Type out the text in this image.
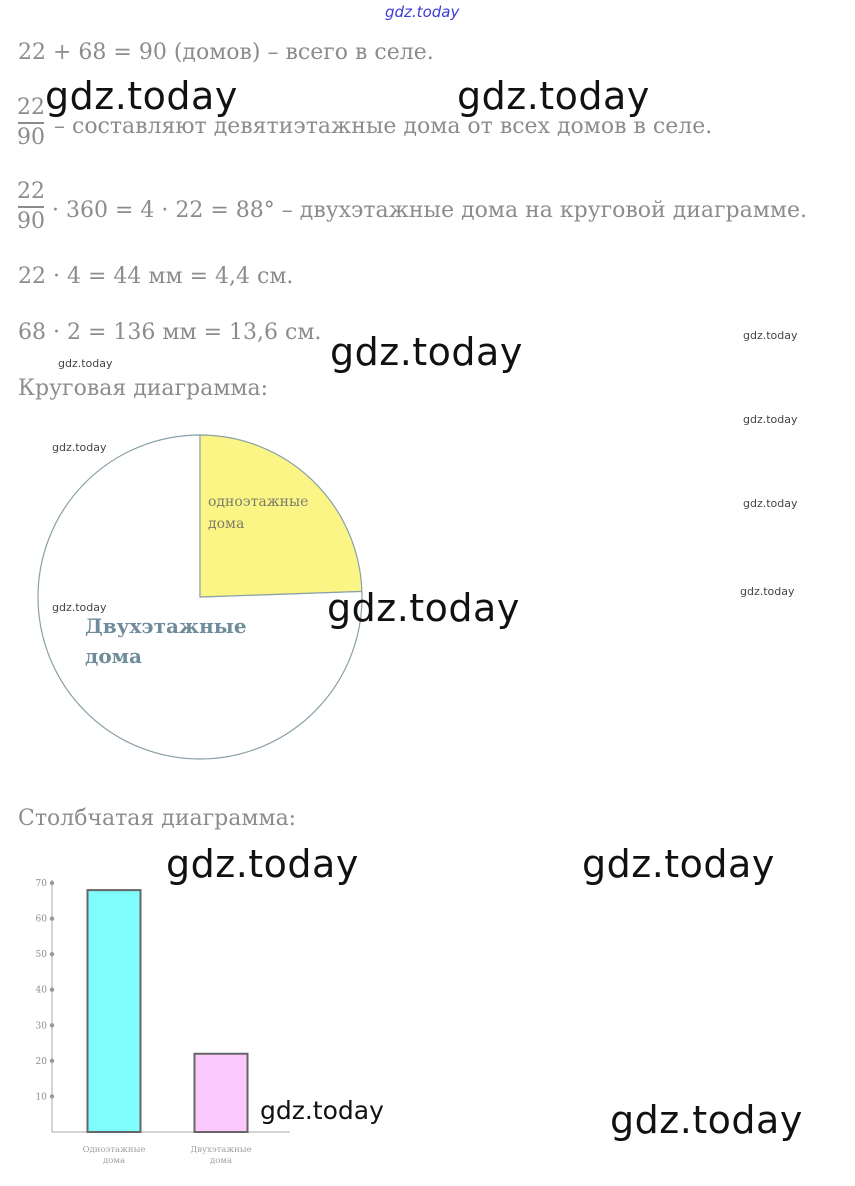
gdz.today
22 + 68 = 90 (домов) – всего в селе.
22
90 – составляют девятиэтажные дома от всех домов в селе.
22
90 · 360 = 4 · 22 = 88° – двухэтажные дома на круговой диаграмме.
22 · 4 = 44 мм = 4,4 см.
68 · 2 = 136 мм = 13,6 см.
Круговая диаграмма:
одноэтажные
дома
Двухэтажные
дома
Столбчатая диаграмма:
10
20
30
40
50
60
70
Одноэтажные
дома
Двухэтажные
дома
gdz.today	gdz.today
gdz.today
gdz.today
gdz.today	gdz.today
gdz.today
gdz.today
gdz.today
gdz.today
gdz.today
gdz.today
gdz.today
gdz.today
gdz.today
